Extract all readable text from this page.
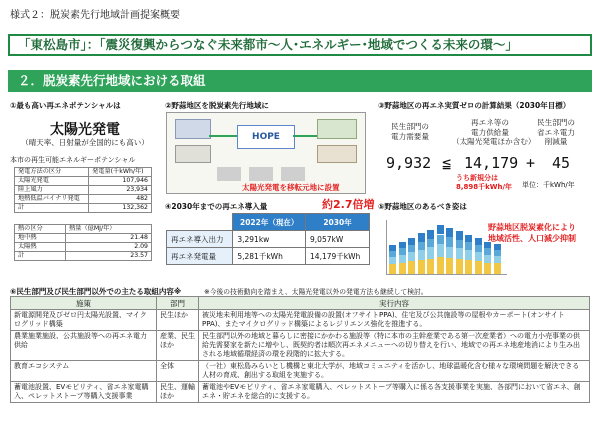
様式２：脱炭素先行地域計画提案概要
「東松島市」：「震災復興からつなぐ未来都市～人･エネルギー･地域でつくる未来の環～」
２．脱炭素先行地域における取組
①最も高い再エネポテンシャルは
太陽光発電
（晴天率、日射量が全国的にも高い）
本市の再生可能エネルギーポテンシャル
発電方法の区分	発電量(千kWh/年)
太陽光発電	107,946
陸上風力	23,934
地熱低温バイナリ発電	482
計	132,362
熱の区分	熱量（億MJ/年）
地中熱	21.48
太陽熱	2.09
計	23.57
②野蒜地区を脱炭素先行地域に
HOPE
太陽光発電を移転元地に設置
③野蒜地区の再エネ実質ゼロの計算結果（2030年目標）
民生部門の
電力需要量
再エネ等の
電力供給量
（太陽光発電ほか含む）
民生部門の
省エネ電力
削減量
9,932 ≦ 14,179 + 45
うち新規分は
8,898千kWh/年 単位：千kWh/年
④2030年までの再エネ導入量	約2.7倍増
	2022年（現在）	2030年
再エネ導入出力	3,291kw	9,057kW
再エネ発電量	5,281千kWh	14,179千kWh
⑤野蒜地区のあるべき姿は
野蒜地区脱炭素化により
地域活性、人口減少抑制
⑥民生部門及び民生部門以外での主たる取組内容※	※今後の技術動向を踏まえ、太陽光発電以外の発電方法も継続して検討。
施策	部門	実行内容
新電源開発及びゼロ円太陽光設置、マイクログリッド構築	民生ほか	被災地未利用地等への太陽光発電設備の設置(オフサイトPPA)、住宅及び公共施設等の屋根やカーポート(オンサイトPPA)、またマイクログリッド構築によるレジリエンス強化を推進する。
農業施業施設、公共施設等への再エネ電力供給	産業、民生ほか	民生部門以外の地域と暮らしに密接にかかわる施設等（特に本市の主幹産業である第一次産業者）への電力小売事業の供給先需要家を新たに増やし、既契約者は順次再エネメニューへの切り替えを行い、地域での再エネ地産地消により生み出される地域循環経済の環を段階的に拡大する。
教育エコシステム	全体	（一社）東松島みらいとし機構と東北大学が、地域コミュニティを活かし、地球温暖化含む様々な環境問題を解決できる人材の育成、創出する取組を実施する。
蓄電池設置、EVモビリティ、省エネ家電購入、ペレットストーブ等購入支援事業	民生、運輸ほか	蓄電池やEVモビリティ、省エネ家電購入、ペレットストーブ等購入に係る各支援事業を実施、各部門において省エネ、創エネ・貯エネを総合的に支援する。
